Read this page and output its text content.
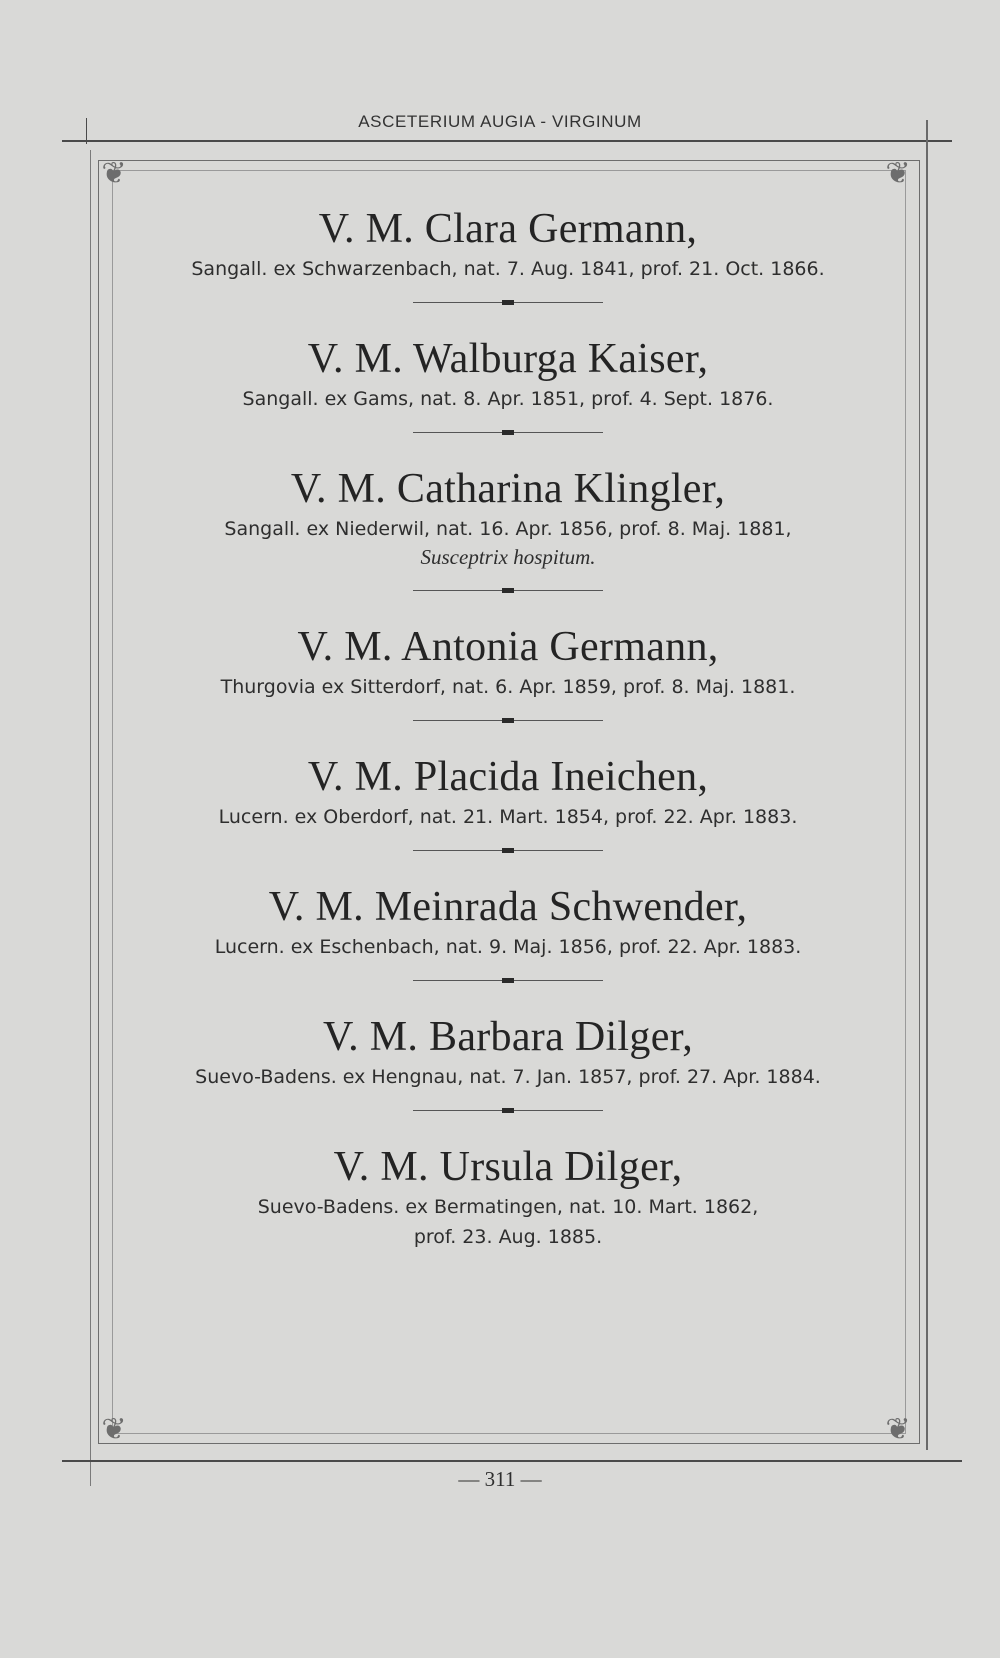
ASCETERIUM AUGIA - VIRGINUM
❦	❦
❦	❦
V. M. Clara Germann,
Sangall. ex Schwarzenbach, nat. 7. Aug. 1841, prof. 21. Oct. 1866.
V. M. Walburga Kaiser,
Sangall. ex Gams, nat. 8. Apr. 1851, prof. 4. Sept. 1876.
V. M. Catharina Klingler,
Sangall. ex Niederwil, nat. 16. Apr. 1856, prof. 8. Maj. 1881,
Susceptrix hospitum.
V. M. Antonia Germann,
Thurgovia ex Sitterdorf, nat. 6. Apr. 1859, prof. 8. Maj. 1881.
V. M. Placida Ineichen,
Lucern. ex Oberdorf, nat. 21. Mart. 1854, prof. 22. Apr. 1883.
V. M. Meinrada Schwender,
Lucern. ex Eschenbach, nat. 9. Maj. 1856, prof. 22. Apr. 1883.
V. M. Barbara Dilger,
Suevo-Badens. ex Hengnau, nat. 7. Jan. 1857, prof. 27. Apr. 1884.
V. M. Ursula Dilger,
Suevo-Badens. ex Bermatingen, nat. 10. Mart. 1862,
prof. 23. Aug. 1885.
— 311 —
